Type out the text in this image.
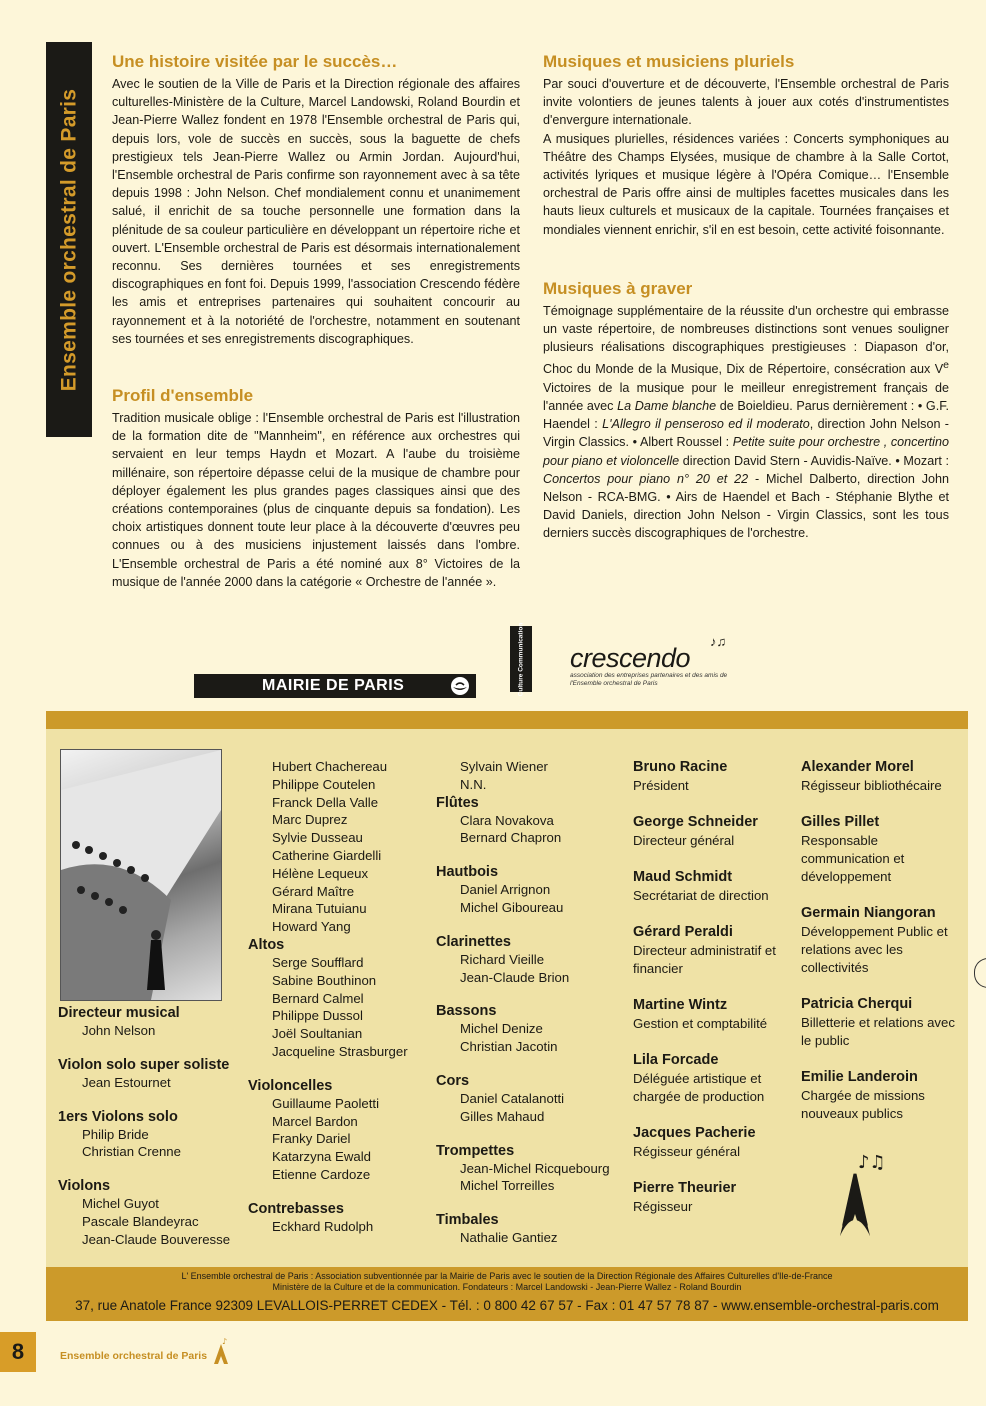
Ensemble orchestral de Paris
Une histoire visitée par le succès…

Avec le soutien de la Ville de Paris et la Direction régionale des affaires culturelles-Ministère de la Culture, Marcel Landowski, Roland Bourdin et Jean-Pierre Wallez fondent en 1978 l'Ensemble orchestral de Paris qui, depuis lors, vole de succès en succès, sous la baguette de chefs prestigieux tels Jean-Pierre Wallez ou Armin Jordan. Aujourd'hui, l'Ensemble orchestral de Paris confirme son rayonnement avec à sa tête depuis 1998 : John Nelson. Chef mondialement connu et unanimement salué, il enrichit de sa touche personnelle une formation dans la plénitude de sa couleur particulière en développant un répertoire riche et ouvert. L'Ensemble orchestral de Paris est désormais internationalement reconnu. Ses dernières tournées et ses enregistrements discographiques en font foi. Depuis 1999, l'association Crescendo fédère les amis et entreprises partenaires qui souhaitent concourir au rayonnement et à la notoriété de l'orchestre, notamment en soutenant ses tournées et ses enregistrements discographiques.

Profil d'ensemble

Tradition musicale oblige : l'Ensemble orchestral de Paris est l'illustration de la formation dite de "Mannheim", en référence aux orchestres qui servaient en leur temps Haydn et Mozart. A l'aube du troisième millénaire, son répertoire dépasse celui de la musique de chambre pour déployer également les plus grandes pages classiques ainsi que des créations contemporaines (plus de cinquante depuis sa fondation). Les choix artistiques donnent toute leur place à la découverte d'œuvres peu connues ou à des musiciens injustement laissés dans l'ombre. L'Ensemble orchestral de Paris a été nominé aux 8° Victoires de la musique de l'année 2000 dans la catégorie « Orchestre de l'année ».

Musiques et musiciens pluriels

Par souci d'ouverture et de découverte, l'Ensemble orchestral de Paris invite volontiers de jeunes talents à jouer aux cotés d'instrumentistes d'envergure internationale.

A musiques plurielles, résidences variées : Concerts symphoniques au Théâtre des Champs Elysées, musique de chambre à la Salle Cortot, activités lyriques et musique légère à l'Opéra Comique… l'Ensemble orchestral de Paris offre ainsi de multiples facettes musicales dans les hauts lieux culturels et musicaux de la capitale. Tournées françaises et mondiales viennent enrichir, s'il en est besoin, cette activité foisonnante.

Musiques à graver

Témoignage supplémentaire de la réussite d'un orchestre qui embrasse un vaste répertoire, de nombreuses distinctions sont venues souligner plusieurs réalisations discographiques prestigieuses : Diapason d'or, Choc du Monde de la Musique, Dix de Répertoire, consécration aux Ve Victoires de la musique pour le meilleur enregistrement français de l'année avec La Dame blanche de Boieldieu. Parus dernièrement : • G.F. Haendel : L'Allegro il penseroso ed il moderato, direction John Nelson - Virgin Classics. • Albert Roussel : Petite suite pour orchestre , concertino pour piano et violoncelle direction David Stern - Auvidis-Naïve. • Mozart : Concertos pour piano n° 20 et 22 - Michel Dalberto, direction John Nelson - RCA-BMG. • Airs de Haendel et Bach - Stéphanie Blythe et David Daniels, direction John Nelson - Virgin Classics, sont les tous derniers succès discographiques de l'orchestre.

MAIRIE DE PARIS	Culture Communication crescendo
association des entreprises partenaires et des amis de l'Ensemble orchestral de Paris
♪♫
Directeur musical
John Nelson
Violon solo super soliste
Jean Estournet
1ers Violons solo
Philip Bride
Christian Crenne
Violons
Michel Guyot
Pascale Blandeyrac
Jean-Claude Bouveresse
Hubert Chachereau
Philippe Coutelen
Franck Della Valle
Marc Duprez
Sylvie Dusseau
Catherine Giardelli
Hélène Lequeux
Gérard Maître
Mirana Tutuianu
Howard Yang
Altos
Serge Soufflard
Sabine Bouthinon
Bernard Calmel
Philippe Dussol
Joël Soultanian
Jacqueline Strasburger
Violoncelles
Guillaume Paoletti
Marcel Bardon
Franky Dariel
Katarzyna Ewald
Etienne Cardoze
Contrebasses
Eckhard Rudolph
Sylvain Wiener
N.N.
Flûtes
Clara Novakova
Bernard Chapron
Hautbois
Daniel Arrignon
Michel Giboureau
Clarinettes
Richard Vieille
Jean-Claude Brion
Bassons
Michel Denize
Christian Jacotin
Cors
Daniel Catalanotti
Gilles Mahaud
Trompettes
Jean-Michel Ricquebourg
Michel Torreilles
Timbales
Nathalie Gantiez
Bruno Racine
Président
George Schneider
Directeur général
Maud Schmidt
Secrétariat de direction
Gérard Peraldi
Directeur administratif et financier
Martine Wintz
Gestion et comptabilité
Lila Forcade
Déléguée artistique et chargée de production
Jacques Pacherie
Régisseur général
Pierre Theurier
Régisseur
Alexander Morel
Régisseur bibliothécaire
Gilles Pillet
Responsable communication et développement
Germain Niangoran
Développement Public et relations avec les collectivités
Patricia Cherqui
Billetterie et relations avec le public
Emilie Landeroin
Chargée de missions nouveaux publics
♪♫
L' Ensemble orchestral de Paris : Association subventionnée par la Mairie de Paris avec le soutien de la Direction Régionale des Affaires Culturelles d'Ile-de-France
Ministère de la Culture et de la communication. Fondateurs : Marcel Landowski - Jean-Pierre Wallez - Roland Bourdin
37, rue Anatole France 92309 LEVALLOIS-PERRET CEDEX - Tél. : 0 800 42 67 57 - Fax : 01 47 57 78 87 - www.ensemble-orchestral-paris.com
8	Ensemble orchestral de Paris
♪
